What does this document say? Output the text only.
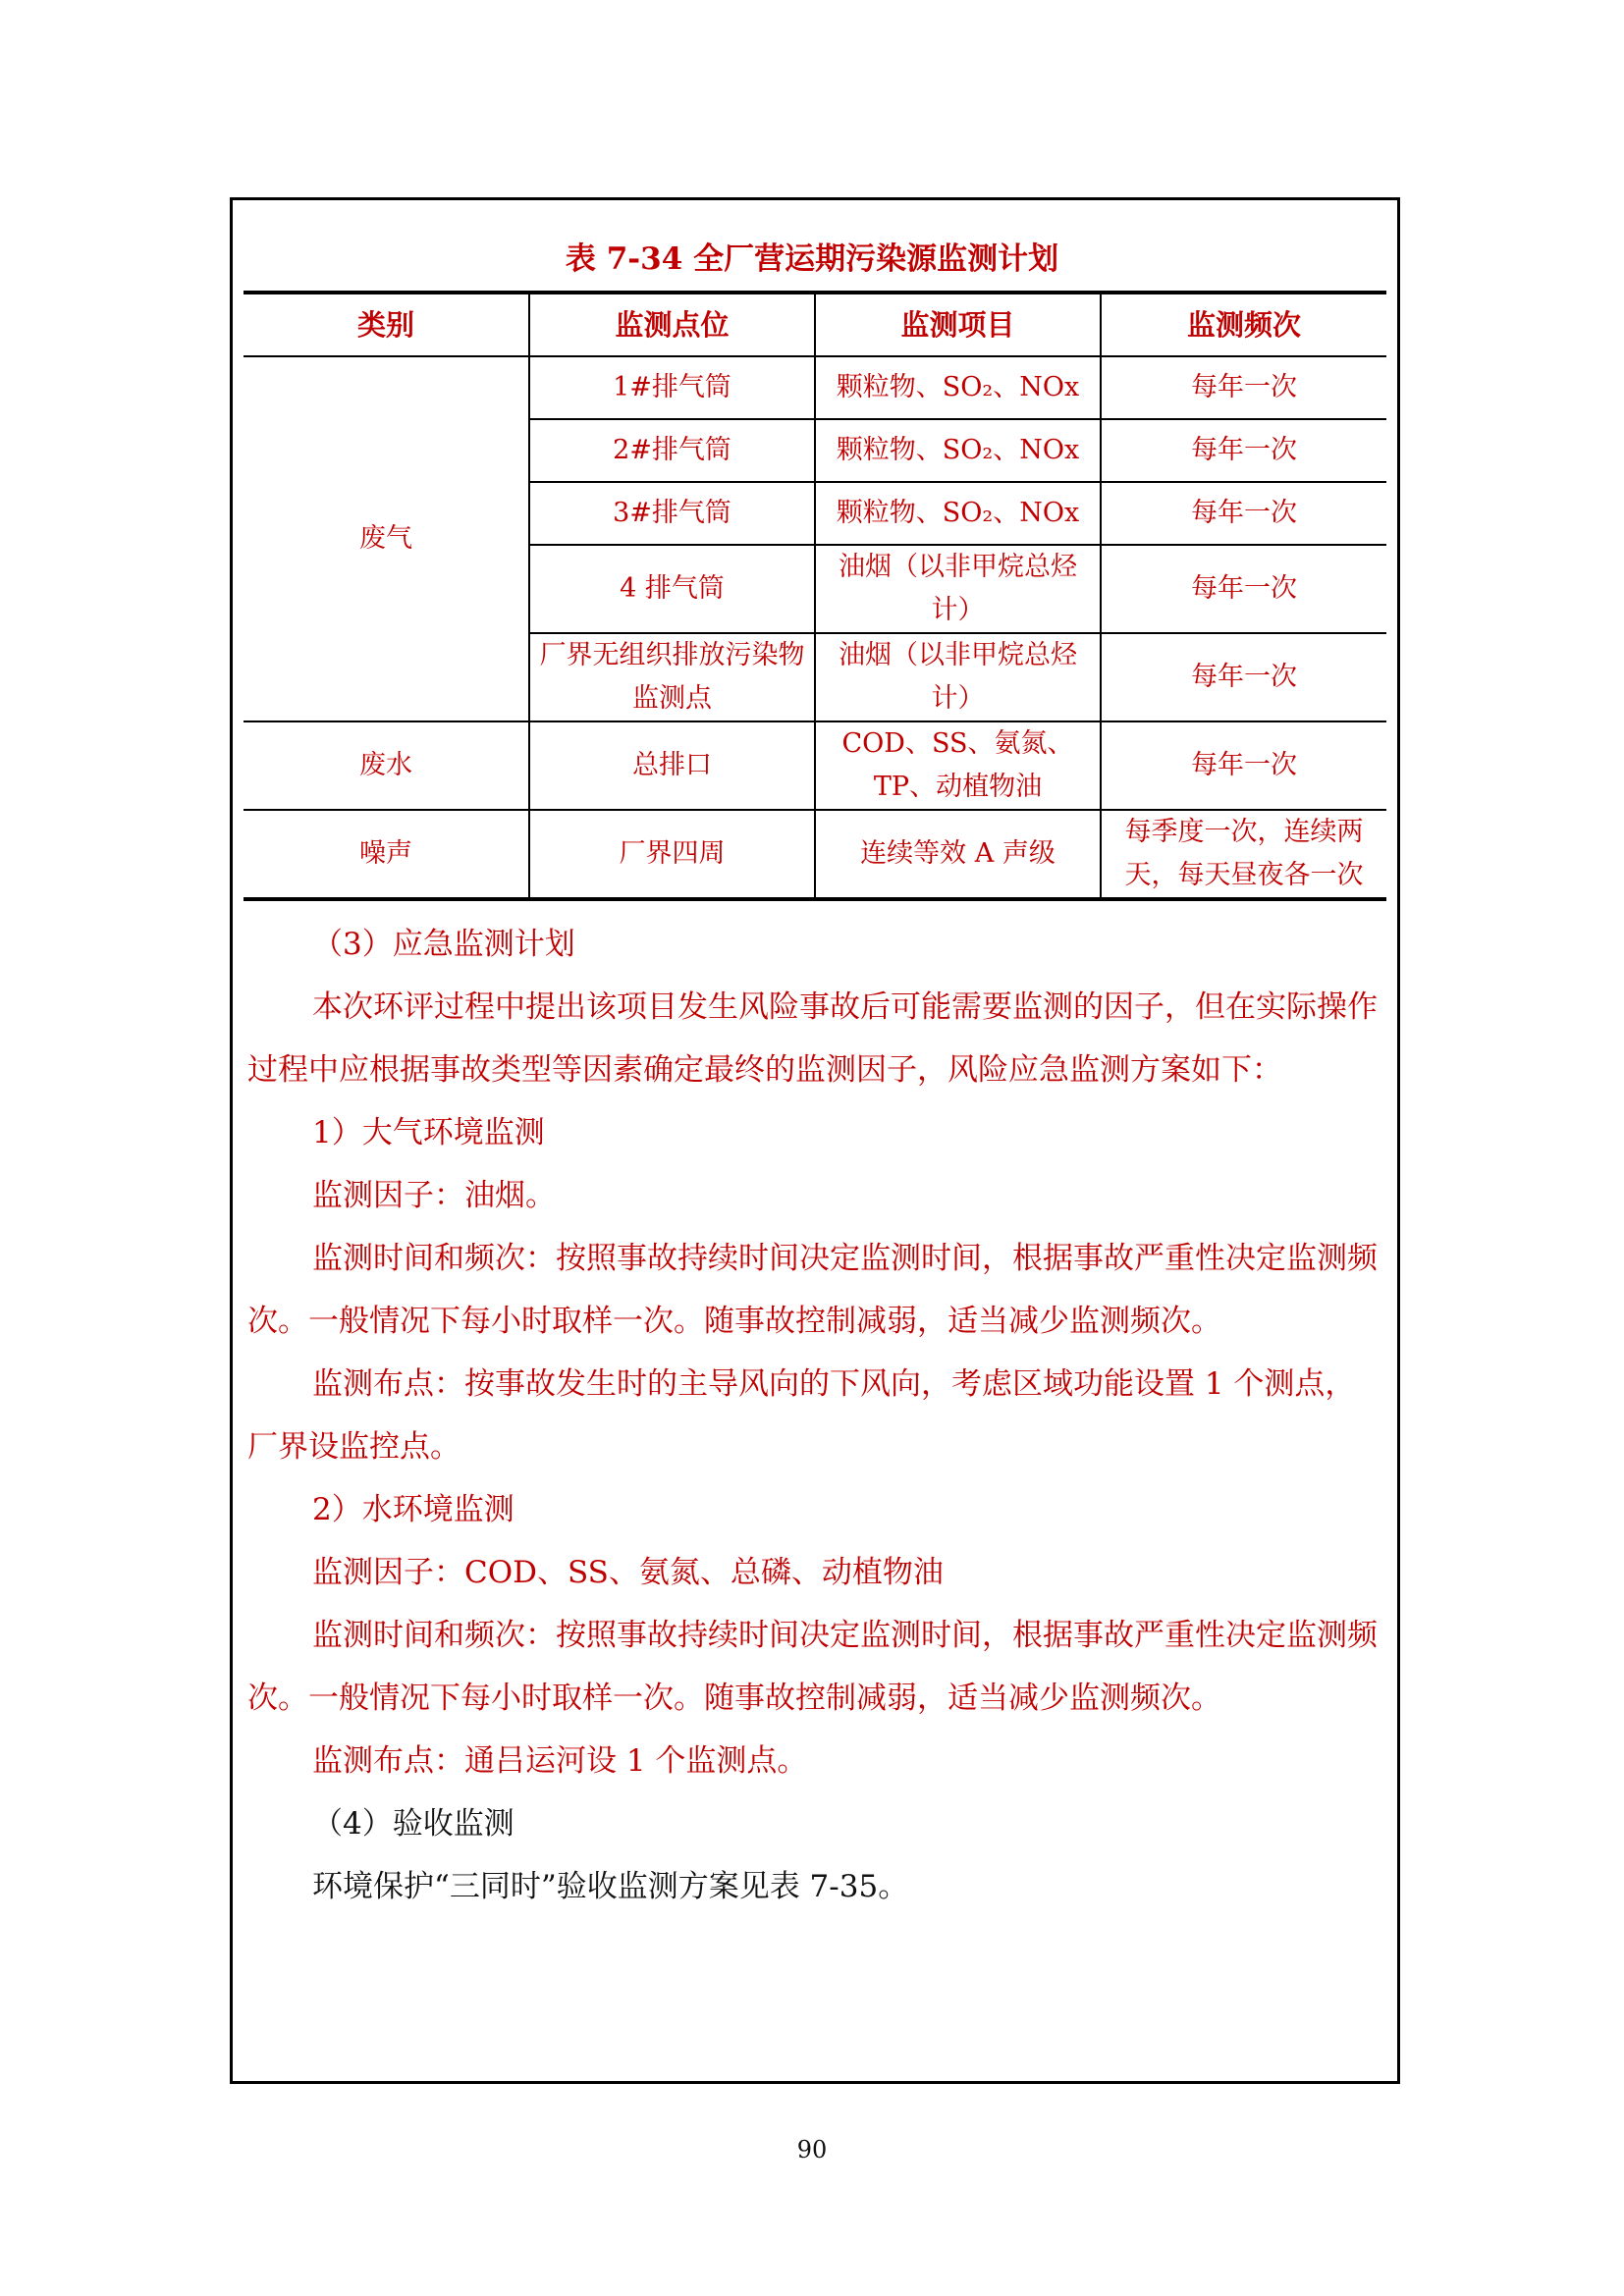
表 7-34 全厂营运期污染源监测计划
类别	监测点位	监测项目	监测频次
废气	1#排气筒	颗粒物、SO₂、NOx	每年一次
	2#排气筒	颗粒物、SO₂、NOx	每年一次
	3#排气筒	颗粒物、SO₂、NOx	每年一次
	4 排气筒	油烟（以非甲烷总烃计）	每年一次
	厂界无组织排放污染物监测点	油烟（以非甲烷总烃计）	每年一次
废水	总排口	COD、SS、氨氮、TP、动植物油	每年一次
噪声	厂界四周	连续等效 A 声级	每季度一次，连续两天，每天昼夜各一次

（3）应急监测计划

本次环评过程中提出该项目发生风险事故后可能需要监测的因子，但在实际操作过程中应根据事故类型等因素确定最终的监测因子，风险应急监测方案如下：

1）大气环境监测

监测因子：油烟。

监测时间和频次：按照事故持续时间决定监测时间，根据事故严重性决定监测频次。一般情况下每小时取样一次。随事故控制减弱，适当减少监测频次。

监测布点：按事故发生时的主导风向的下风向，考虑区域功能设置 1 个测点，厂界设监控点。

2）水环境监测

监测因子：COD、SS、氨氮、总磷、动植物油

监测时间和频次：按照事故持续时间决定监测时间，根据事故严重性决定监测频次。一般情况下每小时取样一次。随事故控制减弱，适当减少监测频次。

监测布点：通吕运河设 1 个监测点。

（4）验收监测

环境保护“三同时”验收监测方案见表 7-35。

90
